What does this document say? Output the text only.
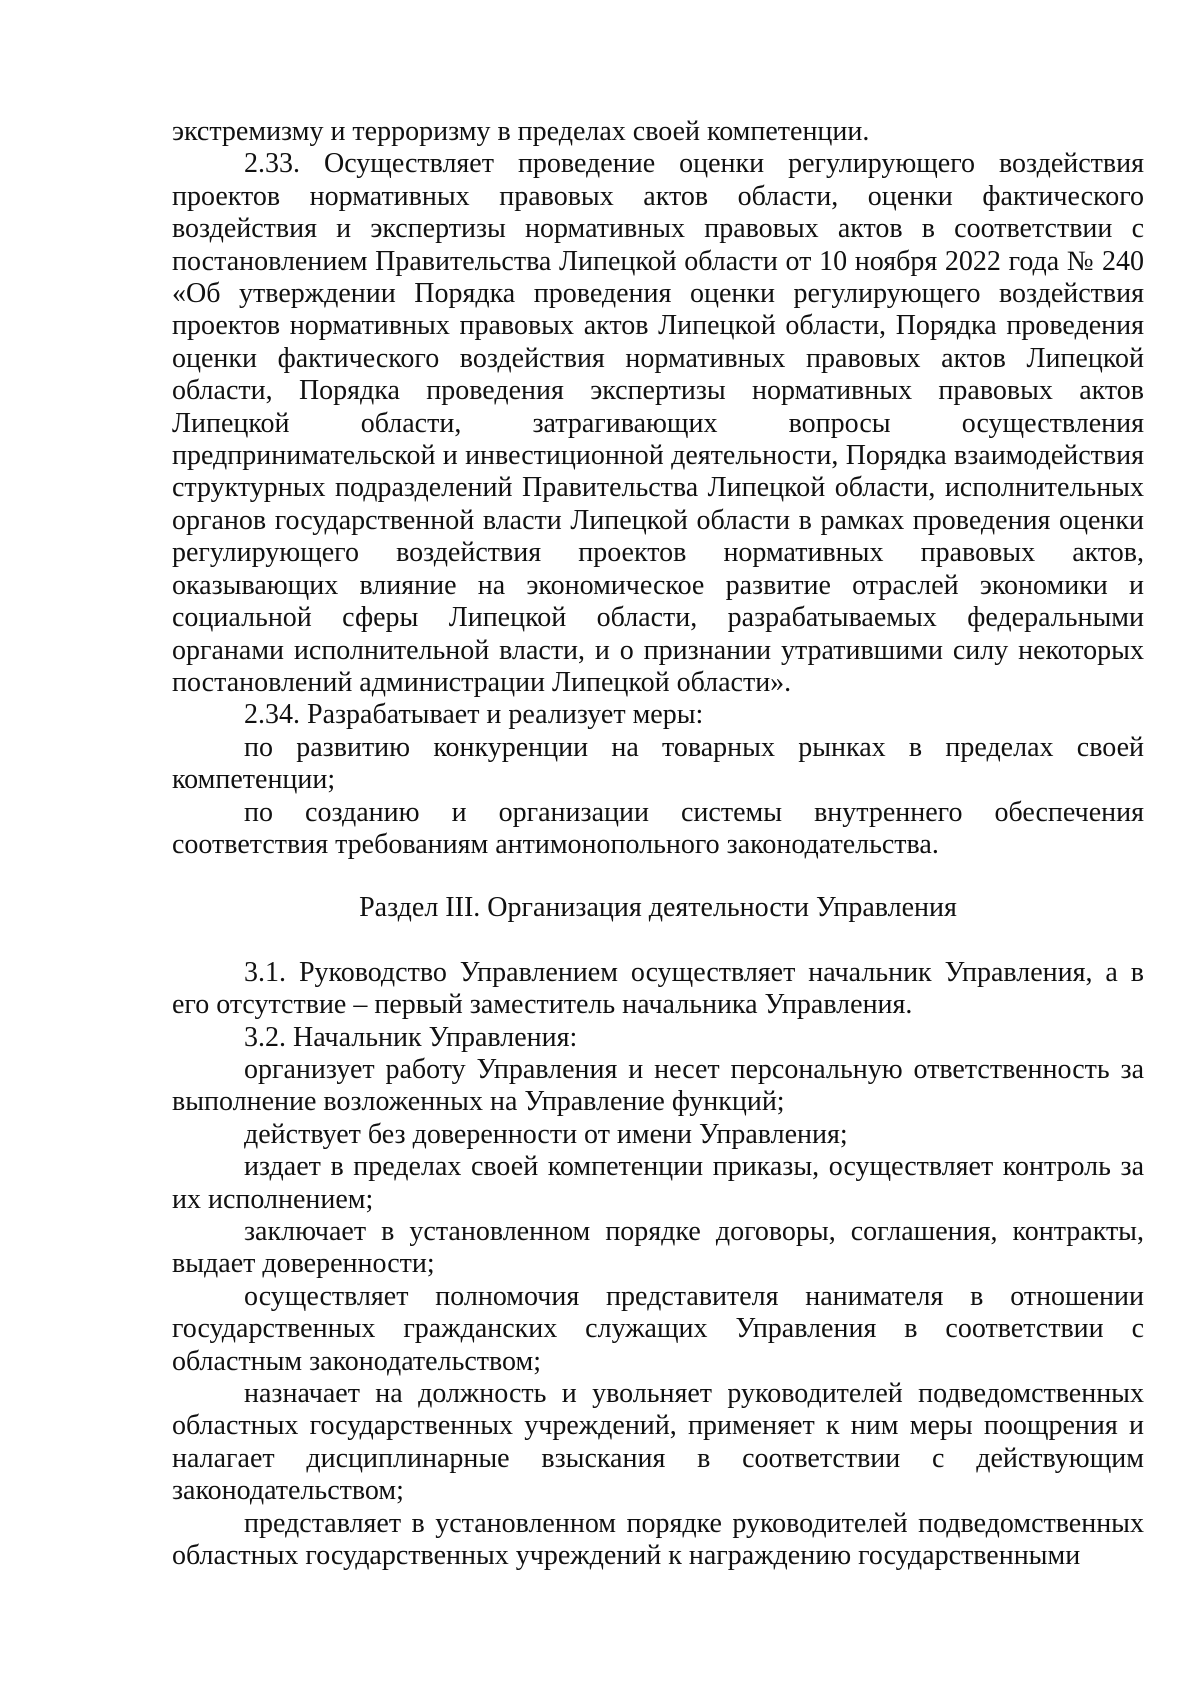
экстремизму и терроризму в пределах своей компетенции.

2.33. Осуществляет проведение оценки регулирующего воздействия проектов нормативных правовых актов области, оценки фактического воздействия и экспертизы нормативных правовых актов в соответствии с постановлением Правительства Липецкой области от 10 ноября 2022 года № 240 «Об утверждении Порядка проведения оценки регулирующего воздействия проектов нормативных правовых актов Липецкой области, Порядка проведения оценки фактического воздействия нормативных правовых актов Липецкой области, Порядка проведения экспертизы нормативных правовых актов Липецкой области, затрагивающих вопросы осуществления предпринимательской и инвестиционной деятельности, Порядка взаимодействия структурных подразделений Правительства Липецкой области, исполнительных органов государственной власти Липецкой области в рамках проведения оценки регулирующего воздействия проектов нормативных правовых актов, оказывающих влияние на экономическое развитие отраслей экономики и социальной сферы Липецкой области, разрабатываемых федеральными органами исполнительной власти, и о признании утратившими силу некоторых постановлений администрации Липецкой области».

2.34. Разрабатывает и реализует меры:

по развитию конкуренции на товарных рынках в пределах своей компетенции;

по созданию и организации системы внутреннего обеспечения соответствия требованиям антимонопольного законодательства.

Раздел III. Организация деятельности Управления

3.1. Руководство Управлением осуществляет начальник Управления, а в его отсутствие – первый заместитель начальника Управления.

3.2. Начальник Управления:

организует работу Управления и несет персональную ответственность за выполнение возложенных на Управление функций;

действует без доверенности от имени Управления;

издает в пределах своей компетенции приказы, осуществляет контроль за их исполнением;

заключает в установленном порядке договоры, соглашения, контракты, выдает доверенности;

осуществляет полномочия представителя нанимателя в отношении государственных гражданских служащих Управления в соответствии с областным законодательством;

назначает на должность и увольняет руководителей подведомственных областных государственных учреждений, применяет к ним меры поощрения и налагает дисциплинарные взыскания в соответствии с действующим законодательством;

представляет в установленном порядке руководителей подведомственных областных государственных учреждений к награждению государственными
